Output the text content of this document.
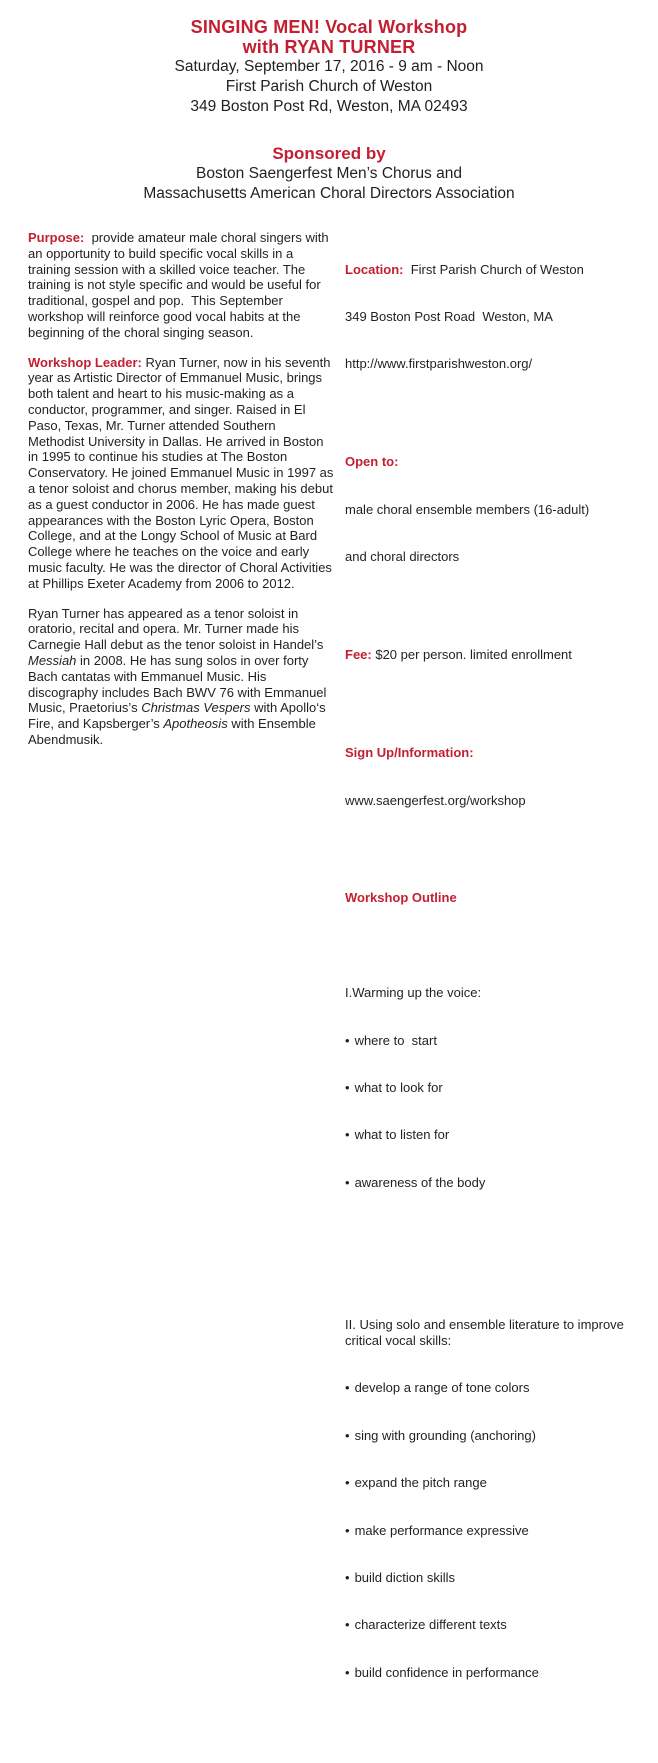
SINGING MEN! Vocal Workshop
with RYAN TURNER
Saturday, September 17, 2016 - 9 am - Noon
First Parish Church of Weston
349 Boston Post Rd, Weston, MA 02493
Sponsored by
Boston Saengerfest Men’s Chorus and
Massachusetts American Choral Directors Association

Purpose:  provide amateur male choral singers with an opportunity to build specific vocal skills in a training session with a skilled voice teacher. The training is not style specific and would be useful for traditional, gospel and pop.  This September workshop will reinforce good vocal habits at the beginning of the choral singing season.

Workshop Leader: Ryan Turner, now in his seventh year as Artistic Director of Emmanuel Music, brings both talent and heart to his music-making as a conductor, programmer, and singer. Raised in El Paso, Texas, Mr. Turner attended Southern Methodist University in Dallas. He arrived in Boston in 1995 to continue his studies at The Boston Conservatory. He joined Emmanuel Music in 1997 as a tenor soloist and chorus member, making his debut as a guest conductor in 2006. He has made guest appearances with the Boston Lyric Opera, Boston College, and at the Longy School of Music at Bard College where he teaches on the voice and early music faculty. He was the director of Choral Activities at Phillips Exeter Academy from 2006 to 2012.

Ryan Turner has appeared as a tenor soloist in oratorio, recital and opera. Mr. Turner made his Carnegie Hall debut as the tenor soloist in Handel’s Messiah in 2008. He has sung solos in over forty Bach cantatas with Emmanuel Music. His discography includes Bach BWV 76 with Emmanuel Music, Praetorius’s Christmas Vespers with Apollo‘s Fire, and Kapsberger’s Apotheosis with Ensemble Abendmusik.

Location:  First Parish Church of Weston

349 Boston Post Road  Weston, MA

http://www.firstparishweston.org/

Open to:

male choral ensemble members (16-adult)

and choral directors

Fee: $20 per person. limited enrollment

Sign Up/Information:

www.saengerfest.org/workshop

Workshop Outline

I.Warming up the voice:

• where to  start

• what to look for

• what to listen for

• awareness of the body

II. Using solo and ensemble literature to improve critical vocal skills:

• develop a range of tone colors

• sing with grounding (anchoring)

• expand the pitch range

• make performance expressive

• build diction skills

• characterize different texts

• build confidence in performance
